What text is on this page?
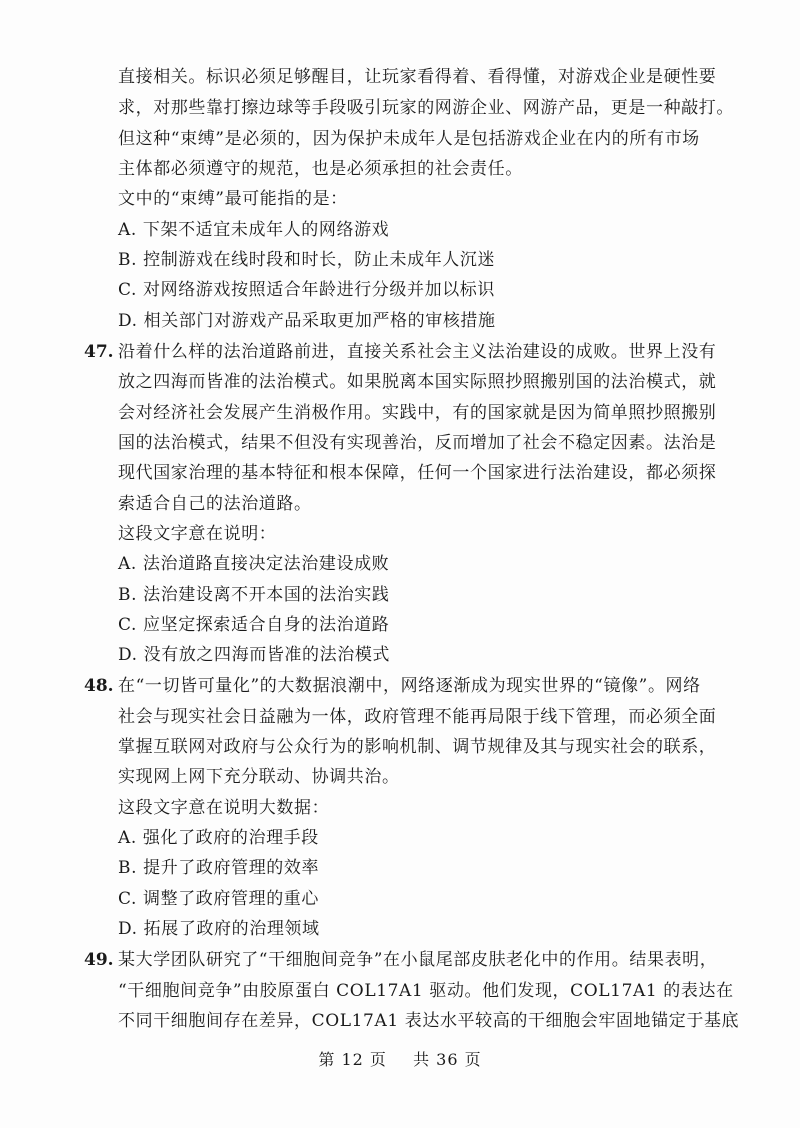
直接相关。标识必须足够醒目，让玩家看得着、看得懂，对游戏企业是硬性要
求，对那些靠打擦边球等手段吸引玩家的网游企业、网游产品，更是一种敲打。
但这种“束缚”是必须的，因为保护未成年人是包括游戏企业在内的所有市场
主体都必须遵守的规范，也是必须承担的社会责任。
文中的“束缚”最可能指的是：
A. 下架不适宜未成年人的网络游戏
B. 控制游戏在线时段和时长，防止未成年人沉迷
C. 对网络游戏按照适合年龄进行分级并加以标识
D. 相关部门对游戏产品采取更加严格的审核措施
47. 沿着什么样的法治道路前进，直接关系社会主义法治建设的成败。世界上没有
放之四海而皆准的法治模式。如果脱离本国实际照抄照搬别国的法治模式，就
会对经济社会发展产生消极作用。实践中，有的国家就是因为简单照抄照搬别
国的法治模式，结果不但没有实现善治，反而增加了社会不稳定因素。法治是
现代国家治理的基本特征和根本保障，任何一个国家进行法治建设，都必须探
索适合自己的法治道路。
这段文字意在说明：
A. 法治道路直接决定法治建设成败
B. 法治建设离不开本国的法治实践
C. 应坚定探索适合自身的法治道路
D. 没有放之四海而皆准的法治模式
48. 在“一切皆可量化”的大数据浪潮中，网络逐渐成为现实世界的“镜像”。网络
社会与现实社会日益融为一体，政府管理不能再局限于线下管理，而必须全面
掌握互联网对政府与公众行为的影响机制、调节规律及其与现实社会的联系，
实现网上网下充分联动、协调共治。
这段文字意在说明大数据：
A. 强化了政府的治理手段
B. 提升了政府管理的效率
C. 调整了政府管理的重心
D. 拓展了政府的治理领域
49. 某大学团队研究了“干细胞间竞争”在小鼠尾部皮肤老化中的作用。结果表明，
“干细胞间竞争”由胶原蛋白 COL17A1 驱动。他们发现，COL17A1 的表达在
不同干细胞间存在差异，COL17A1 表达水平较高的干细胞会牢固地锚定于基底
第 12 页 共 36 页
